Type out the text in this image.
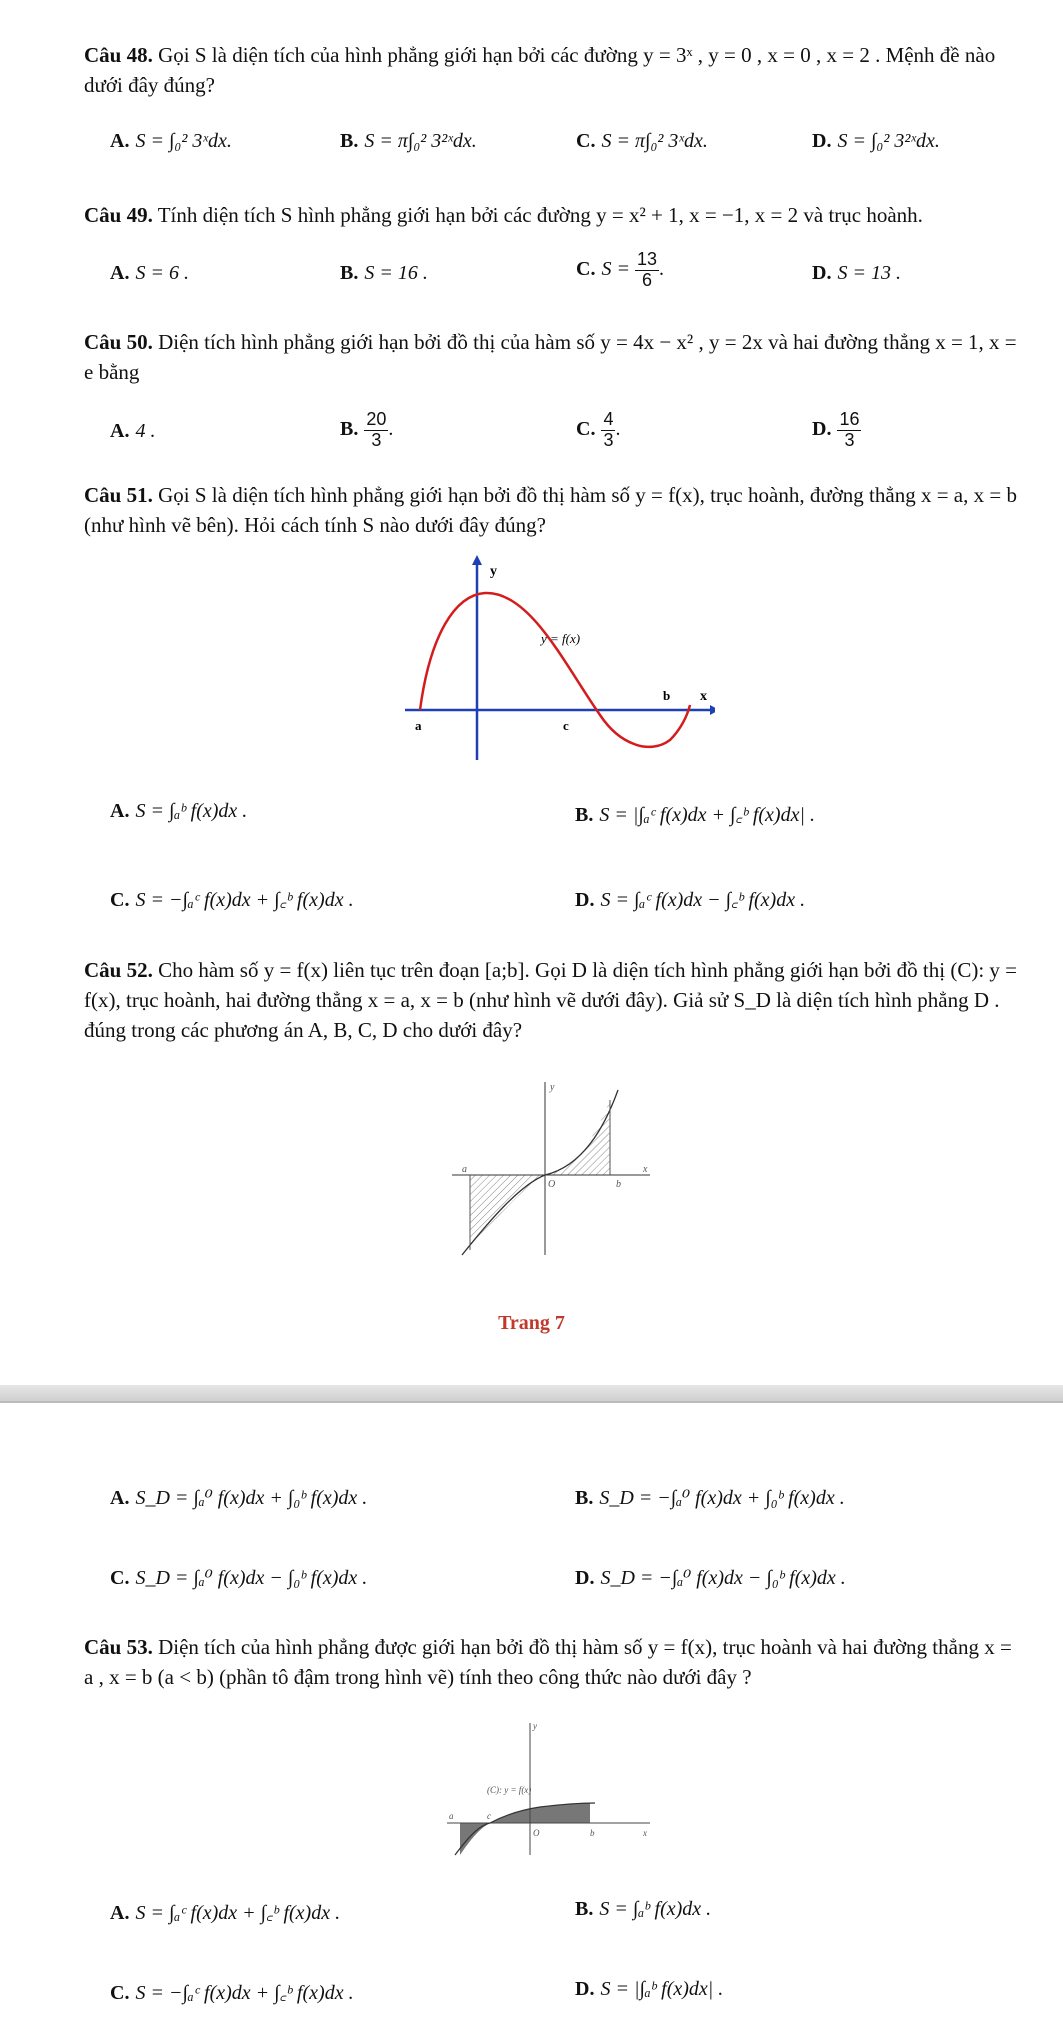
Câu 48. Gọi S là diện tích của hình phẳng giới hạn bởi các đường y = 3ˣ , y = 0 , x = 0 , x = 2 . Mệnh đề nào dưới đây đúng?
A. S = ∫₀² 3ˣdx.	B. S = π∫₀² 3²ˣdx.	C. S = π∫₀² 3ˣdx.	D. S = ∫₀² 3²ˣdx.
Câu 49. Tính diện tích S hình phẳng giới hạn bởi các đường y = x² + 1, x = −1, x = 2 và trục hoành.
A. S = 6 .	B. S = 16 .	C. $S = \frac{13}{6}$ .	D. S = 13 .
Câu 50. Diện tích hình phẳng giới hạn bởi đồ thị của hàm số y = 4x − x² , y = 2x và hai đường thẳng x = 1, x = e bằng
A. 4 .	B. $\frac{20}{3}$ .	C. $\frac{4}{3}$ .	D. $\frac{16}{3}$
Câu 51. Gọi S là diện tích hình phẳng giới hạn bởi đồ thị hàm số y = f(x), trục hoành, đường thẳng x = a, x = b (như hình vẽ bên). Hỏi cách tính S nào dưới đây đúng?
y
x
y = f(x)
a
b
c
A. S = ∫ₐᵇ f(x)dx .	B. S = |∫ₐᶜ f(x)dx + ∫꜀ᵇ f(x)dx| .
C. S = −∫ₐᶜ f(x)dx + ∫꜀ᵇ f(x)dx .	D. S = ∫ₐᶜ f(x)dx − ∫꜀ᵇ f(x)dx .
Câu 52. Cho hàm số y = f(x) liên tục trên đoạn [a;b]. Gọi D là diện tích hình phẳng giới hạn bởi đồ thị (C): y = f(x), trục hoành, hai đường thẳng x = a, x = b (như hình vẽ dưới đây). Giả sử S_D là diện tích hình phẳng D . đúng trong các phương án A, B, C, D cho dưới đây?
y
x
O
a
b
Trang 7
A. S_D = ∫ₐ⁰ f(x)dx + ∫₀ᵇ f(x)dx .	B. S_D = −∫ₐ⁰ f(x)dx + ∫₀ᵇ f(x)dx .
C. S_D = ∫ₐ⁰ f(x)dx − ∫₀ᵇ f(x)dx .	D. S_D = −∫ₐ⁰ f(x)dx − ∫₀ᵇ f(x)dx .
Câu 53. Diện tích của hình phẳng được giới hạn bởi đồ thị hàm số y = f(x), trục hoành và hai đường thẳng x = a , x = b (a < b) (phần tô đậm trong hình vẽ) tính theo công thức nào dưới đây ?
y
x
O
a
b
c
(C): y = f(x)
A. S = ∫ₐᶜ f(x)dx + ∫꜀ᵇ f(x)dx .	B. S = ∫ₐᵇ f(x)dx .
C. S = −∫ₐᶜ f(x)dx + ∫꜀ᵇ f(x)dx .	D. S = |∫ₐᵇ f(x)dx| .
